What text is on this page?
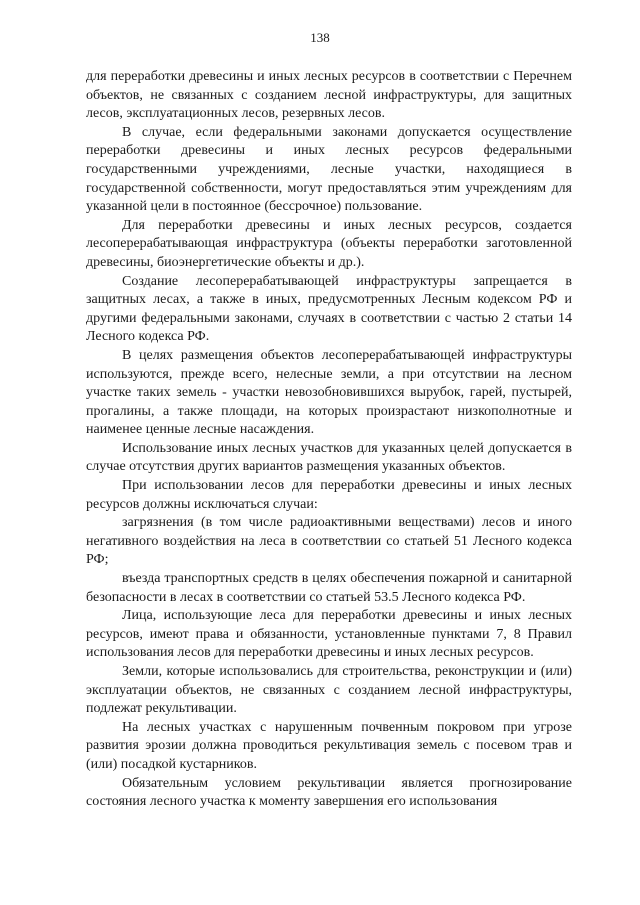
138

для переработки древесины и иных лесных ресурсов в соответствии с Перечнем объектов, не связанных с созданием лесной инфраструктуры, для защитных лесов, эксплуатационных лесов, резервных лесов.

В случае, если федеральными законами допускается осуществление переработки древесины и иных лесных ресурсов федеральными государственными учреждениями, лесные участки, находящиеся в государственной собственности, могут предоставляться этим учреждениям для указанной цели в постоянное (бессрочное) пользование.

Для переработки древесины и иных лесных ресурсов, создается лесоперерабатывающая инфраструктура (объекты переработки заготовленной древесины, биоэнергетические объекты и др.).

Создание лесоперерабатывающей инфраструктуры запрещается в защитных лесах, а также в иных, предусмотренных Лесным кодексом РФ и другими федеральными законами, случаях в соответствии с частью 2 статьи 14 Лесного кодекса РФ.

В целях размещения объектов лесоперерабатывающей инфраструктуры используются, прежде всего, нелесные земли, а при отсутствии на лесном участке таких земель - участки невозобновившихся вырубок, гарей, пустырей, прогалины, а также площади, на которых произрастают низкополнотные и наименее ценные лесные насаждения.

Использование иных лесных участков для указанных целей допускается в случае отсутствия других вариантов размещения указанных объектов.

При использовании лесов для переработки древесины и иных лесных ресурсов должны исключаться случаи:

загрязнения (в том числе радиоактивными веществами) лесов и иного негативного воздействия на леса в соответствии со статьей 51 Лесного кодекса РФ;

въезда транспортных средств в целях обеспечения пожарной и санитарной безопасности в лесах в соответствии со статьей 53.5 Лесного кодекса РФ.

Лица, использующие леса для переработки древесины и иных лесных ресурсов, имеют права и обязанности, установленные пунктами 7, 8 Правил использования лесов для переработки древесины и иных лесных ресурсов.

Земли, которые использовались для строительства, реконструкции и (или) эксплуатации объектов, не связанных с созданием лесной инфраструктуры, подлежат рекультивации.

На лесных участках с нарушенным почвенным покровом при угрозе развития эрозии должна проводиться рекультивация земель с посевом трав и (или) посадкой кустарников.

Обязательным условием рекультивации является прогнозирование состояния лесного участка к моменту завершения его использования
